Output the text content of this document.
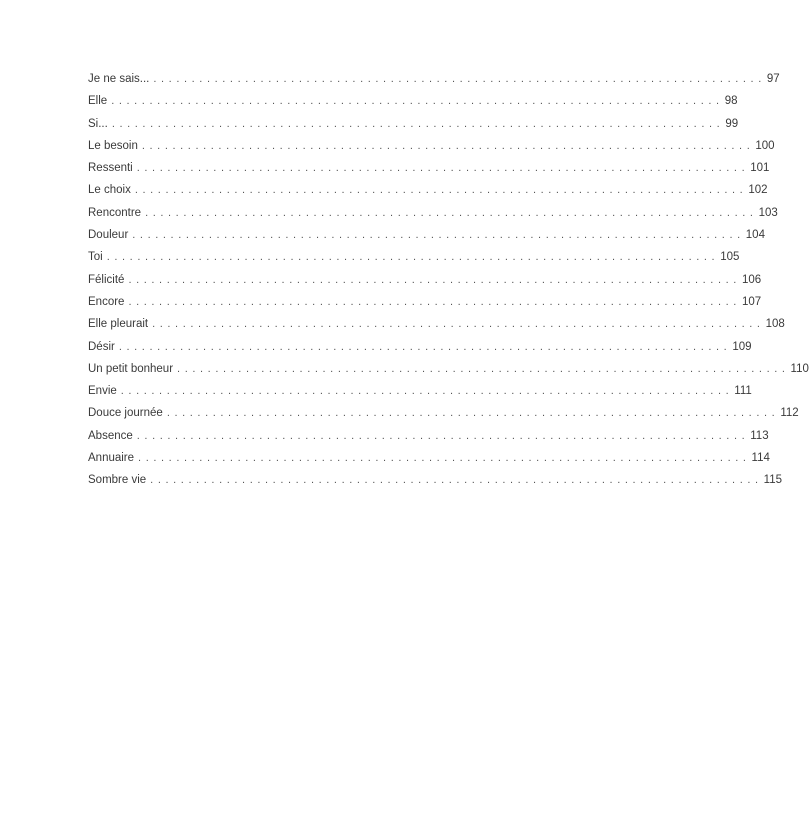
Je ne sais... ................................................................................ 97
Elle ................................................................................ 98
Si... ................................................................................ 99
Le besoin ................................................................................ 100
Ressenti ................................................................................ 101
Le choix ................................................................................ 102
Rencontre ................................................................................ 103
Douleur ................................................................................ 104
Toi ................................................................................ 105
Félicité ................................................................................ 106
Encore ................................................................................ 107
Elle pleurait ................................................................................ 108
Désir ................................................................................ 109
Un petit bonheur ................................................................................ 110
Envie ................................................................................ 111
Douce journée ................................................................................ 112
Absence ................................................................................ 113
Annuaire ................................................................................ 114
Sombre vie ................................................................................ 115
